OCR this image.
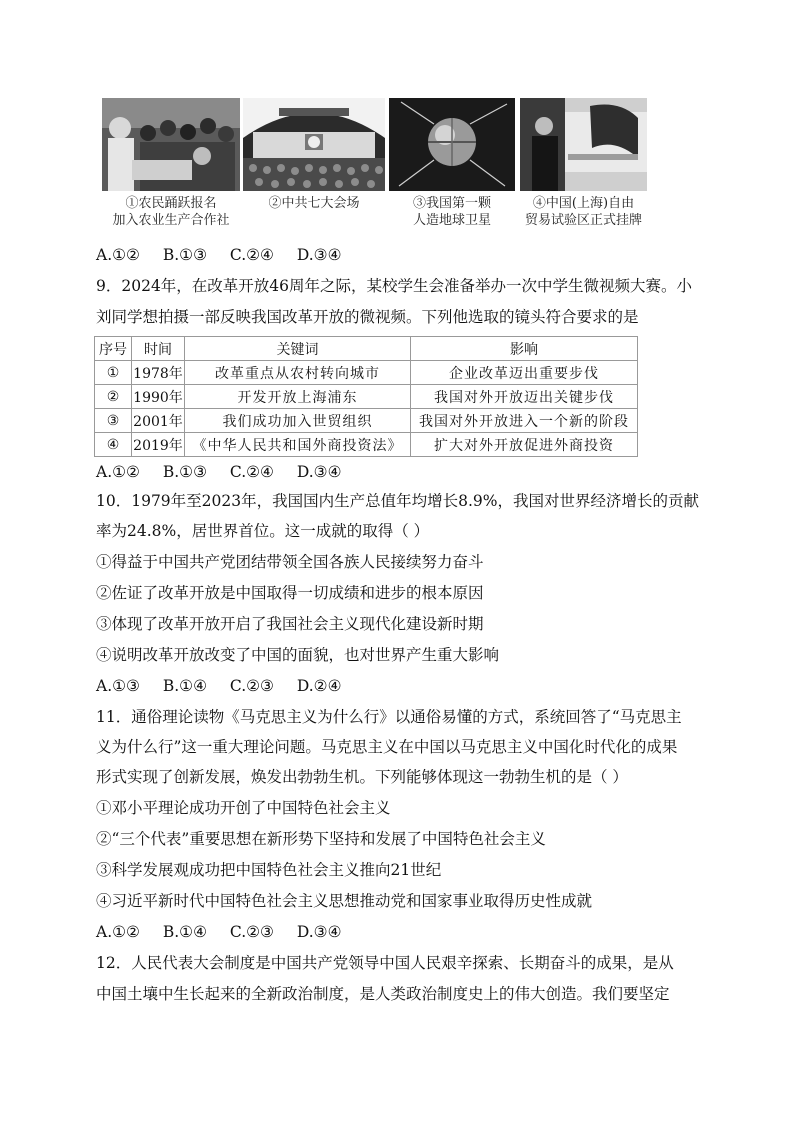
①农民踊跃报名
加入农业生产合作社
②中共七大会场	③我国第一颗
人造地球卫星
④中国(上海)自由
贸易试验区正式挂牌
A.①② B.①③ C.②④ D.③④
9．2024年，在改革开放46周年之际，某校学生会准备举办一次中学生微视频大赛。小
刘同学想拍摄一部反映我国改革开放的微视频。下列他选取的镜头符合要求的是
序号	时间	关键词	影响
①	1978年	改革重点从农村转向城市	企业改革迈出重要步伐
②	1990年	开发开放上海浦东	我国对外开放迈出关键步伐
③	2001年	我们成功加入世贸组织	我国对外开放进入一个新的阶段
④	2019年	《中华人民共和国外商投资法》	扩大对外开放促进外商投资
A.①② B.①③ C.②④ D.③④
10．1979年至2023年，我国国内生产总值年均增长8.9%，我国对世界经济增长的贡献
率为24.8%，居世界首位。这一成就的取得（ ）
①得益于中国共产党团结带领全国各族人民接续努力奋斗
②佐证了改革开放是中国取得一切成绩和进步的根本原因
③体现了改革开放开启了我国社会主义现代化建设新时期
④说明改革开放改变了中国的面貌，也对世界产生重大影响
A.①③ B.①④ C.②③ D.②④
11．通俗理论读物《马克思主义为什么行》以通俗易懂的方式，系统回答了“马克思主
义为什么行”这一重大理论问题。马克思主义在中国以马克思主义中国化时代化的成果
形式实现了创新发展，焕发出勃勃生机。下列能够体现这一勃勃生机的是（ ）
①邓小平理论成功开创了中国特色社会主义
②“三个代表”重要思想在新形势下坚持和发展了中国特色社会主义
③科学发展观成功把中国特色社会主义推向21世纪
④习近平新时代中国特色社会主义思想推动党和国家事业取得历史性成就
A.①② B.①④ C.②③ D.③④
12．人民代表大会制度是中国共产党领导中国人民艰辛探索、长期奋斗的成果，是从
中国土壤中生长起来的全新政治制度，是人类政治制度史上的伟大创造。我们要坚定
